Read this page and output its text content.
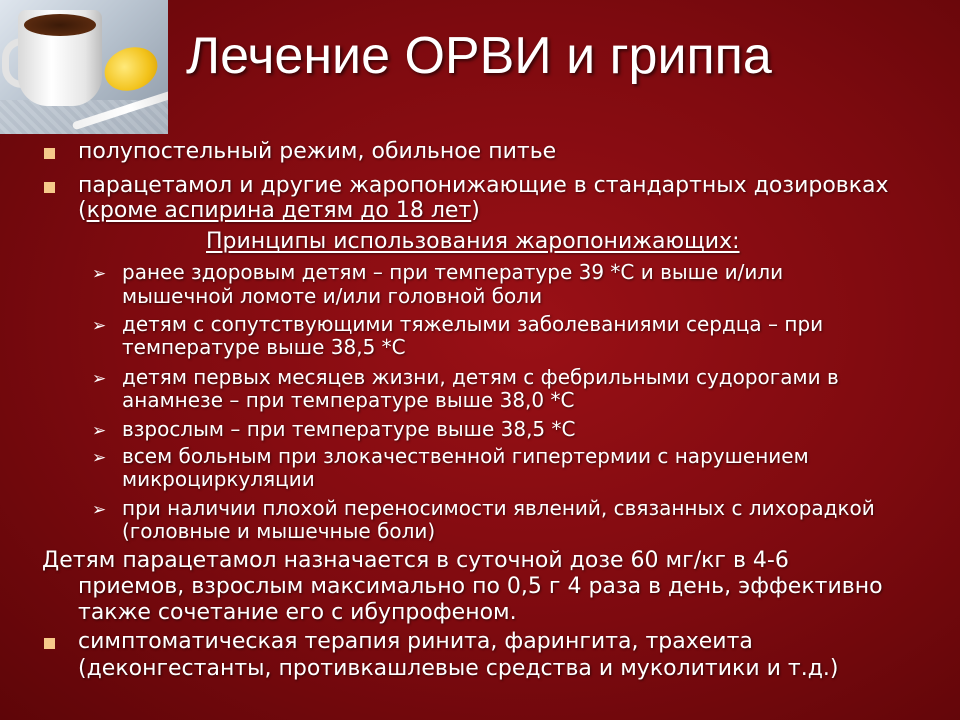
Лечение ОРВИ и гриппа
полупостельный режим, обильное питье
парацетамол и другие жаропонижающие в стандартных дозировках
(кроме аспирина детям до 18 лет)
Принципы использования жаропонижающих:
➢ ранее здоровым детям – при температуре 39 *С и выше и/или
мышечной ломоте и/или головной боли
➢ детям с сопутствующими тяжелыми заболеваниями сердца – при
температуре выше 38,5 *С
➢ детям первых месяцев жизни, детям с фебрильными судорогами в
анамнезе – при температуре выше 38,0 *С
➢ взрослым – при температуре выше 38,5 *С
➢ всем больным при злокачественной гипертермии с нарушением
микроциркуляции
➢ при наличии плохой переносимости явлений, связанных с лихорадкой
(головные и мышечные боли)
Детям парацетамол назначается в суточной дозе 60 мг/кг в 4-6
приемов, взрослым максимально по 0,5 г 4 раза в день, эффективно
также сочетание его с ибупрофеном.
симптоматическая терапия ринита, фарингита, трахеита
(деконгестанты, противкашлевые средства и муколитики и т.д.)
